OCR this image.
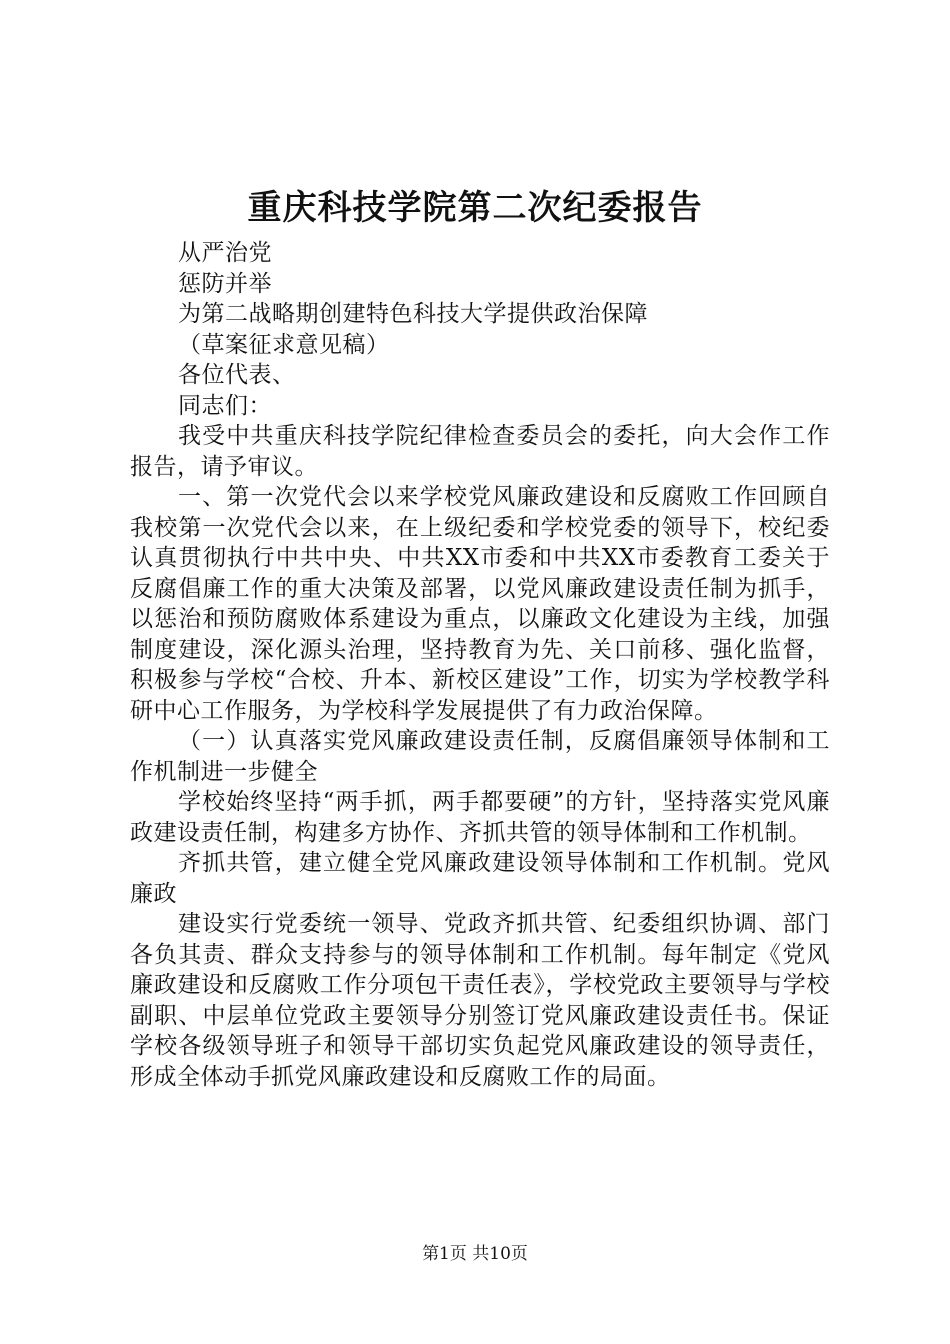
重庆科技学院第二次纪委报告

从严治党

惩防并举

为第二战略期创建特色科技大学提供政治保障

（草案征求意见稿）

各位代表、

同志们：

我受中共重庆科技学院纪律检查委员会的委托，向大会作工作报告，请予审议。

一、第一次党代会以来学校党风廉政建设和反腐败工作回顾自我校第一次党代会以来，在上级纪委和学校党委的领导下，校纪委认真贯彻执行中共中央、中共XX市委和中共XX市委教育工委关于反腐倡廉工作的重大决策及部署，以党风廉政建设责任制为抓手，以惩治和预防腐败体系建设为重点，以廉政文化建设为主线，加强制度建设，深化源头治理，坚持教育为先、关口前移、强化监督，积极参与学校“合校、升本、新校区建设”工作，切实为学校教学科研中心工作服务，为学校科学发展提供了有力政治保障。

（一）认真落实党风廉政建设责任制，反腐倡廉领导体制和工作机制进一步健全

学校始终坚持“两手抓，两手都要硬”的方针，坚持落实党风廉政建设责任制，构建多方协作、齐抓共管的领导体制和工作机制。

齐抓共管，建立健全党风廉政建设领导体制和工作机制。党风廉政

建设实行党委统一领导、党政齐抓共管、纪委组织协调、部门各负其责、群众支持参与的领导体制和工作机制。每年制定《党风廉政建设和反腐败工作分项包干责任表》，学校党政主要领导与学校副职、中层单位党政主要领导分别签订党风廉政建设责任书。保证学校各级领导班子和领导干部切实负起党风廉政建设的领导责任，形成全体动手抓党风廉政建设和反腐败工作的局面。

第1页 共10页
